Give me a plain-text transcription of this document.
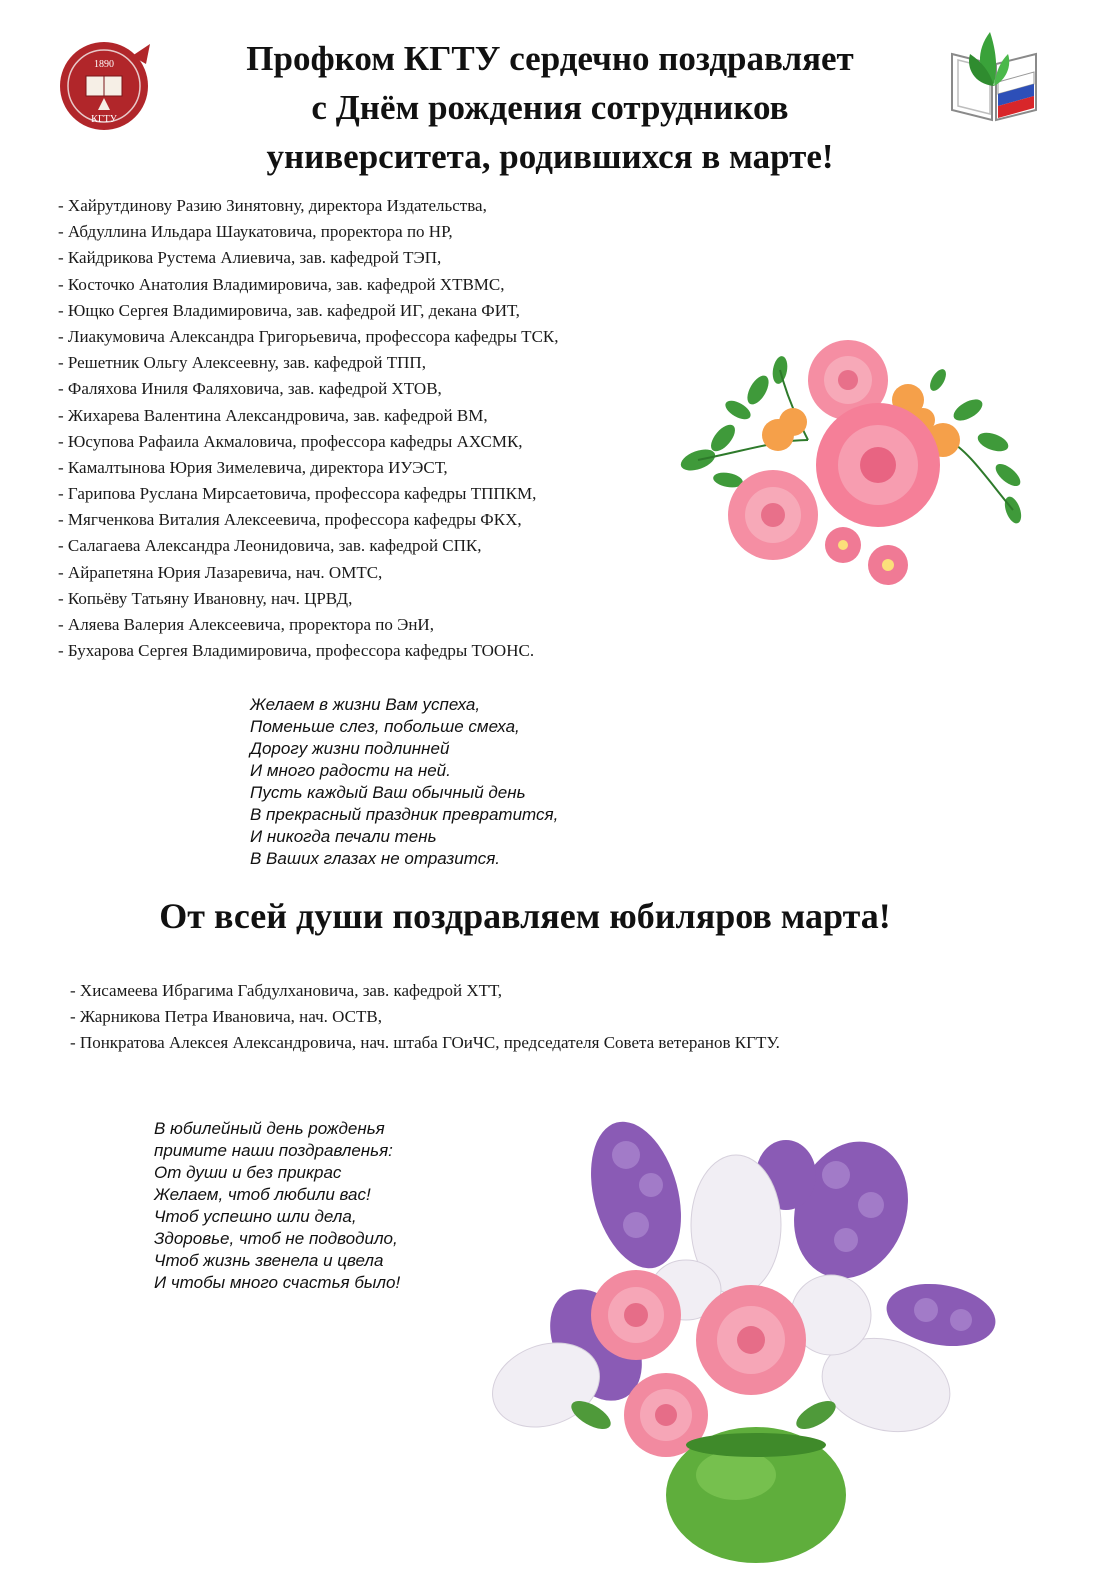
1890
КГТУ
Профком КГТУ сердечно поздравляет
с Днём рождения сотрудников
университета, родившихся в марте!
- Хайрутдинову Разию Зинятовну, директора Издательства,
- Абдуллина Ильдара Шаукатовича, проректора по НР,
- Кайдрикова Рустема Алиевича, зав. кафедрой ТЭП,
- Косточко Анатолия Владимировича, зав. кафедрой ХТВМС,
- Ющко Сергея Владимировича, зав. кафедрой ИГ, декана ФИТ,
- Лиакумовича Александра Григорьевича, профессора кафедры ТСК,
- Решетник Ольгу Алексеевну, зав. кафедрой ТПП,
- Фаляхова Иниля Фаляховича, зав. кафедрой ХТОВ,
- Жихарева Валентина Александровича, зав. кафедрой ВМ,
- Юсупова Рафаила Акмаловича, профессора кафедры АХСМК,
- Камалтынова Юрия Зимелевича, директора ИУЭСТ,
- Гарипова Руслана Мирсаетовича, профессора кафедры ТППКМ,
- Мягченкова Виталия Алексеевича, профессора кафедры ФКХ,
- Салагаева Александра Леонидовича, зав. кафедрой СПК,
- Айрапетяна Юрия Лазаревича, нач. ОМТС,
- Копьёву Татьяну Ивановну, нач. ЦРВД,
- Аляева Валерия Алексеевича, проректора по ЭнИ,
- Бухарова Сергея Владимировича, профессора кафедры ТООНС.
Желаем в жизни Вам успеха,
Поменьше слез, побольше смеха,
Дорогу жизни подлинней
И много радости на ней.
Пусть каждый Ваш обычный день
В прекрасный праздник превратится,
И никогда печали тень
В Ваших глазах не отразится.
От всей души поздравляем юбиляров марта!
- Хисамеева Ибрагима Габдулхановича, зав. кафедрой ХТТ,
- Жарникова Петра Ивановича, нач. ОСТВ,
- Понкратова Алексея Александровича, нач. штаба ГОиЧС, председателя Совета ветеранов КГТУ.
В юбилейный день рожденья
примите наши поздравленья:
От души и без прикрас
Желаем, чтоб любили вас!
Чтоб успешно шли дела,
Здоровье, чтоб не подводило,
Чтоб жизнь звенела и цвела
И чтобы много счастья было!
